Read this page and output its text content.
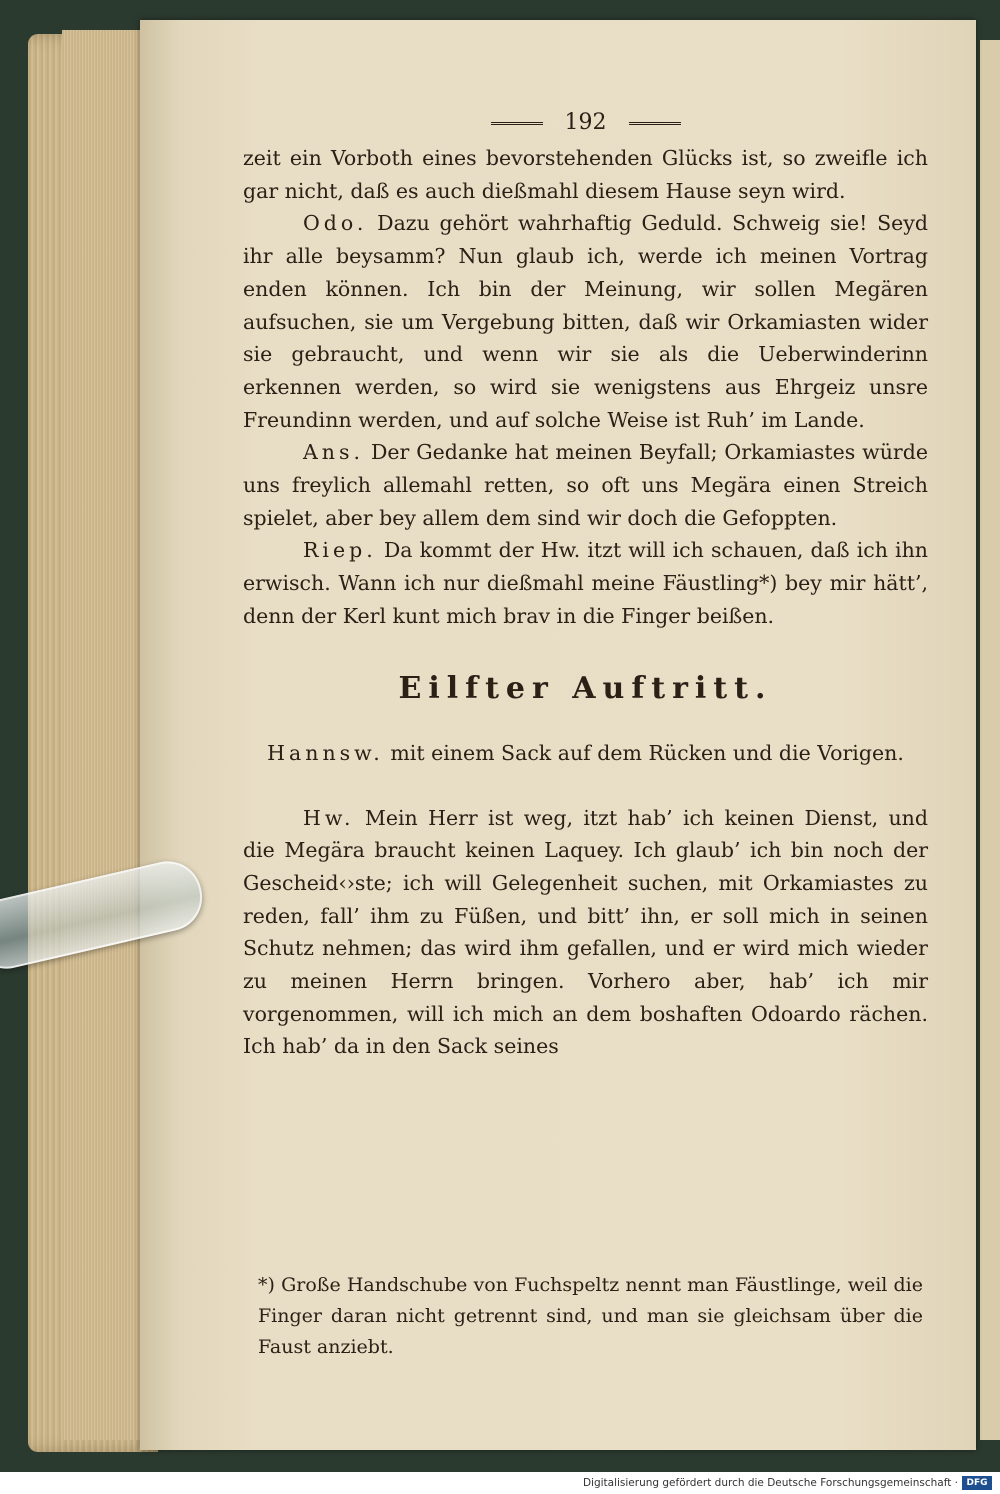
192

zeit ein Vorboth eines bevorstehenden Glücks ist, so zweifle ich gar nicht, daß es auch dießmahl diesem Hause seyn wird.

Odo. Dazu gehört wahrhaftig Geduld. Schweig sie! Seyd ihr alle beysamm? Nun glaub ich, werde ich meinen Vortrag enden können. Ich bin der Meinung, wir sollen Megären aufsuchen, sie um Vergebung bitten, daß wir Orkamiasten wider sie gebraucht, und wenn wir sie als die Ueberwinderinn erkennen werden, so wird sie wenigstens aus Ehrgeiz unsre Freundinn werden, und auf solche Weise ist Ruh’ im Lande.

Ans. Der Gedanke hat meinen Beyfall; Orkamiastes würde uns freylich allemahl retten, so oft uns Megära einen Streich spielet, aber bey allem dem sind wir doch die Gefoppten.

Riep. Da kommt der Hw. itzt will ich schauen, daß ich ihn erwisch. Wann ich nur dießmahl meine Fäustling*) bey mir hätt’, denn der Kerl kunt mich brav in die Finger beißen.

Eilfter Auftritt.
Hannsw. mit einem Sack auf dem Rücken und die Vorigen.

Hw. Mein Herr ist weg, itzt hab’ ich keinen Dienst, und die Megära braucht keinen Laquey. Ich glaub’ ich bin noch der Gescheid‹›ste; ich will Gelegenheit suchen, mit Orkamiastes zu reden, fall’ ihm zu Füßen, und bitt’ ihn, er soll mich in seinen Schutz nehmen; das wird ihm gefallen, und er wird mich wieder zu meinen Herrn bringen. Vorhero aber, hab’ ich mir vorgenommen, will ich mich an dem boshaften Odoardo rächen. Ich hab’ da in den Sack seines

*) Große Handschube von Fuchspeltz nennt man Fäustlinge, weil die Finger daran nicht getrennt sind, und man sie gleichsam über die Faust anziebt.
Digitalisierung gefördert durch die Deutsche Forschungsgemeinschaft · DFG
